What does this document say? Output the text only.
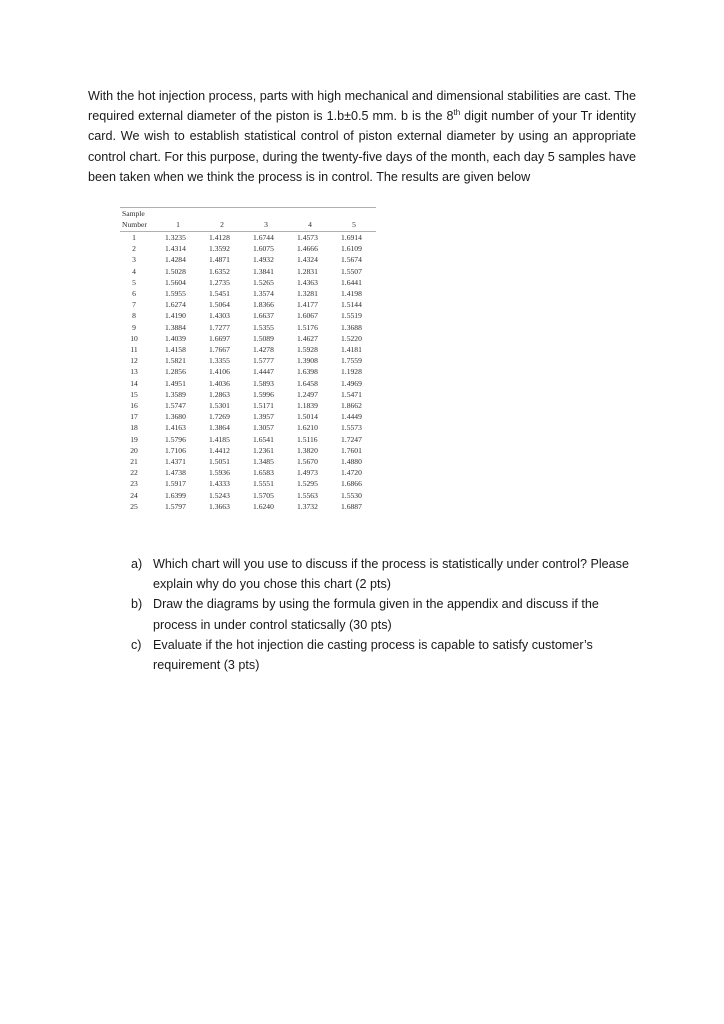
With the hot injection process, parts with high mechanical and dimensional stabilities are cast. The required external diameter of the piston is 1.b±0.5 mm. b is the 8th digit number of your Tr identity card. We wish to establish statistical control of piston external diameter by using an appropriate control chart. For this purpose, during the twenty-five days of the month, each day 5 samples have been taken when we think the process is in control. The results are given below
Sample					
Number	1	2	3	4	5
1	1.3235	1.4128	1.6744	1.4573	1.6914
2	1.4314	1.3592	1.6075	1.4666	1.6109
3	1.4284	1.4871	1.4932	1.4324	1.5674
4	1.5028	1.6352	1.3841	1.2831	1.5507
5	1.5604	1.2735	1.5265	1.4363	1.6441
6	1.5955	1.5451	1.3574	1.3281	1.4198
7	1.6274	1.5064	1.8366	1.4177	1.5144
8	1.4190	1.4303	1.6637	1.6067	1.5519
9	1.3884	1.7277	1.5355	1.5176	1.3688
10	1.4039	1.6697	1.5089	1.4627	1.5220
11	1.4158	1.7667	1.4278	1.5928	1.4181
12	1.5821	1.3355	1.5777	1.3908	1.7559
13	1.2856	1.4106	1.4447	1.6398	1.1928
14	1.4951	1.4036	1.5893	1.6458	1.4969
15	1.3589	1.2863	1.5996	1.2497	1.5471
16	1.5747	1.5301	1.5171	1.1839	1.8662
17	1.3680	1.7269	1.3957	1.5014	1.4449
18	1.4163	1.3864	1.3057	1.6210	1.5573
19	1.5796	1.4185	1.6541	1.5116	1.7247
20	1.7106	1.4412	1.2361	1.3820	1.7601
21	1.4371	1.5051	1.3485	1.5670	1.4880
22	1.4738	1.5936	1.6583	1.4973	1.4720
23	1.5917	1.4333	1.5551	1.5295	1.6866
24	1.6399	1.5243	1.5705	1.5563	1.5530
25	1.5797	1.3663	1.6240	1.3732	1.6887

a) Which chart will you use to discuss if the process is statistically under control? Please explain why do you chose this chart (2 pts)

b) Draw the diagrams by using the formula given in the appendix and discuss if the process in under control staticsally (30 pts)

c) Evaluate if the hot injection die casting process is capable to satisfy customer’s requirement (3 pts)
